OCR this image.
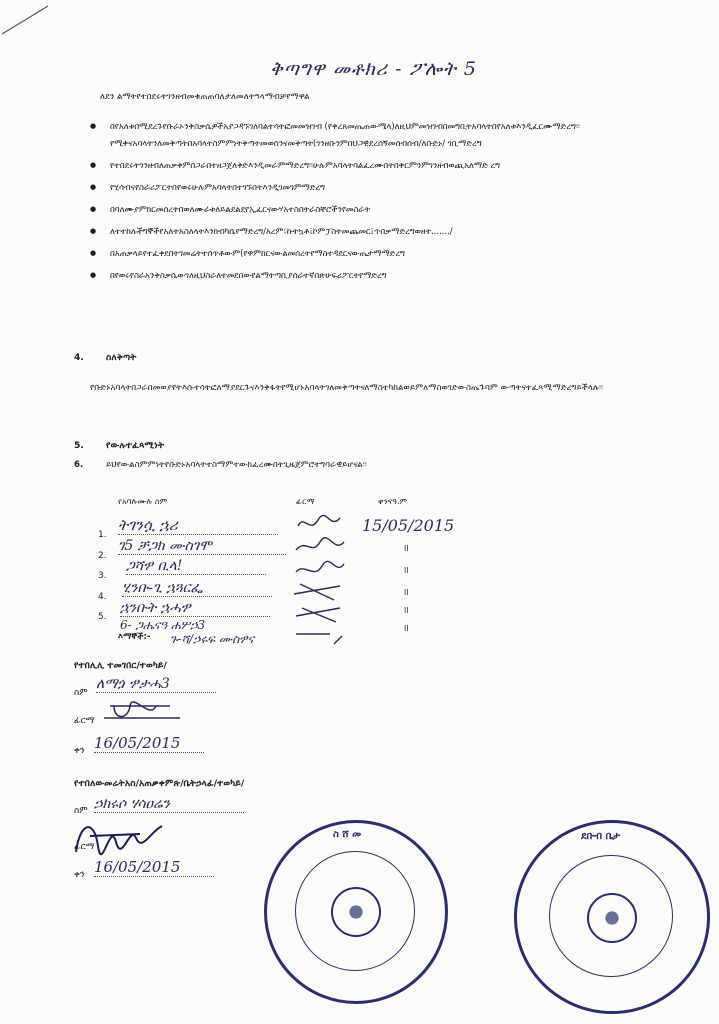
ቅጣግዋ መቶክሪ - ፖሎት 5
ለደን ልማትየተበደሩትገንዘብመቁጠጠባለታለመለትዓላማብቻየማዋል
● በየአለቱበሚደረጉየቡራኦንቅስቃሴዎችአያጋዳኙገለባልተሳትፎመመዝገብ (የቀረጸመጤጠውሜላ)ለዚህምመዝገብበመግቢትአባላትበየአለቱእንዲፈርሙማድረግ፡፡የሚቀናአባላትንለመቅጣትበአባላትስምምነትቅጣትመወሰንናመቅጣት(ገንዘቡንምበህጋዊደረሰኝመሰብሰብ/ለቡድኑ/ ገቢማድረግ
● የተበደሩትገንዘብለጠቃቀምበጋራበተዘጋጀለቅድእንዲመራምማድረግ፡፡ሁሉምአባላትባልፈረሙበትበቀርምንምገንዘብወጪአለማድ ረግ
● የሂሳብናየስራሪፖርትበየወሩሁሉምአባላትበተገኙበትእንዲገመገምማድረግ
● በባለሙያምክርመሰረትበወለሙራቱለይልደልደየኢፈርናውሃአተስበትራስቸሮችንየመስራት
● ለተተከሉችግኞችየአለትአስለላትእንክብካቤየማድረግ/አረም፣ኩትኳቶ፤ኮምፓስትመጨመር፤ጥበቃማድረግወዘተ......./
● በአጠቃላይየተፈቀደበትገመሬትተሰጥቶውም(የዋምከርናውልመሰረትየማስተዳደርናውጤታማማድረግ
● በየወሩየስራአንቅስቃሴውገለዚህስራለተመደበውየልማትጣቢያሰራተኛበጽሁፍሪፖርትየማድረግ
4. ስለቅጣት
የቡድኑአባላትበጋራበመወያየትእሱተሳትፎለማያደርጉናእንቅፋትየሚሆኑአባላትገለመቅጣትናለማስተካከልወይምለማስወገድውስጤጉባም ውጣትናተፈጻሚማድረግይችላሉ፡፡
5. የውሉተፈጻሚነት
6.	ይህየውልስምምነትየቡድኑአባላትተስማምተውከፈረሙበትጊዜጀምሮተግባራዊይሆናል፡፡
የአባሉሙሉ ስም	ፊርማ	ቀንናዓ.ም
1.
ትገንሷ ኋሪ	15/05/2015
2.
ገ5 ቻጋክ ሙስገሞ	ll
3.
ጋሻፇ ቢላ!	ll
4.
ሂንቡ-ጊ ኋጓርፌ	ll
5.
ኋንቡት ኋሓፇ	ll
6- ጋሔናዓ ሐሦኃ3	ll
እማኞች:- ጉ-ሻ/ኃሩፍ ሙስፇና
የተበሊሊ ተመገበር/ተወካይ/
ስም
ለማጏ ፇታሓ3
ፊርማ
ቀን 16/05/2015
የተበለውመሬትአስ/አጠቃቀምጽ/ቤትኃላፊ/ተወካይ/
ስም ኃክሩሶ ሃሳዐሬን
ፊርማ
ቀን 16/05/2015
ስ ሸ መ	ደቡብ ቤታ
